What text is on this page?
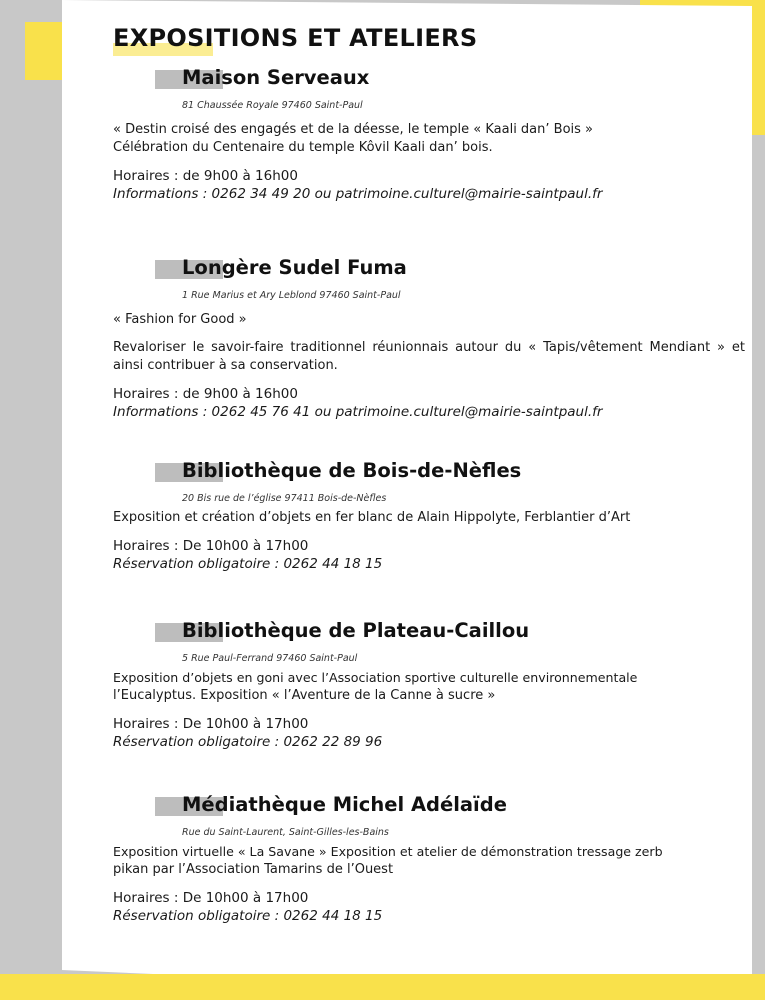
EXPOSITIONS ET ATELIERS
Maison Serveaux

81 Chaussée Royale 97460 Saint-Paul

« Destin croisé des engagés et de la déesse, le temple « Kaali dan’ Bois »

Célébration du Centenaire du temple Kôvil Kaali dan’ bois.

Horaires : de 9h00 à 16h00

Informations : 0262 34 49 20 ou patrimoine.culturel@mairie-saintpaul.fr

Longère Sudel Fuma

1 Rue Marius et Ary Leblond 97460 Saint-Paul

« Fashion for Good »

Revaloriser le savoir-faire traditionnel réunionnais autour du « Tapis/vêtement Mendiant » et ainsi contribuer à sa conservation.

Horaires : de 9h00 à 16h00

Informations : 0262 45 76 41 ou patrimoine.culturel@mairie-saintpaul.fr

Bibliothèque de Bois-de-Nèfles

20 Bis rue de l’église 97411 Bois-de-Nèfles

Exposition et création d’objets en fer blanc de Alain Hippolyte, Ferblantier d’Art

Horaires : De 10h00 à 17h00

Réservation obligatoire : 0262 44 18 15

Bibliothèque de Plateau-Caillou

5 Rue Paul-Ferrand 97460 Saint-Paul

Exposition d’objets en goni avec l’Association sportive culturelle environnementale

l’Eucalyptus. Exposition « l’Aventure de la Canne à sucre »

Horaires : De 10h00 à 17h00

Réservation obligatoire : 0262 22 89 96

Médiathèque Michel Adélaïde

Rue du Saint-Laurent, Saint-Gilles-les-Bains

Exposition virtuelle « La Savane » Exposition et atelier de démonstration tressage zerb

pikan par l’Association Tamarins de l’Ouest

Horaires : De 10h00 à 17h00

Réservation obligatoire : 0262 44 18 15
